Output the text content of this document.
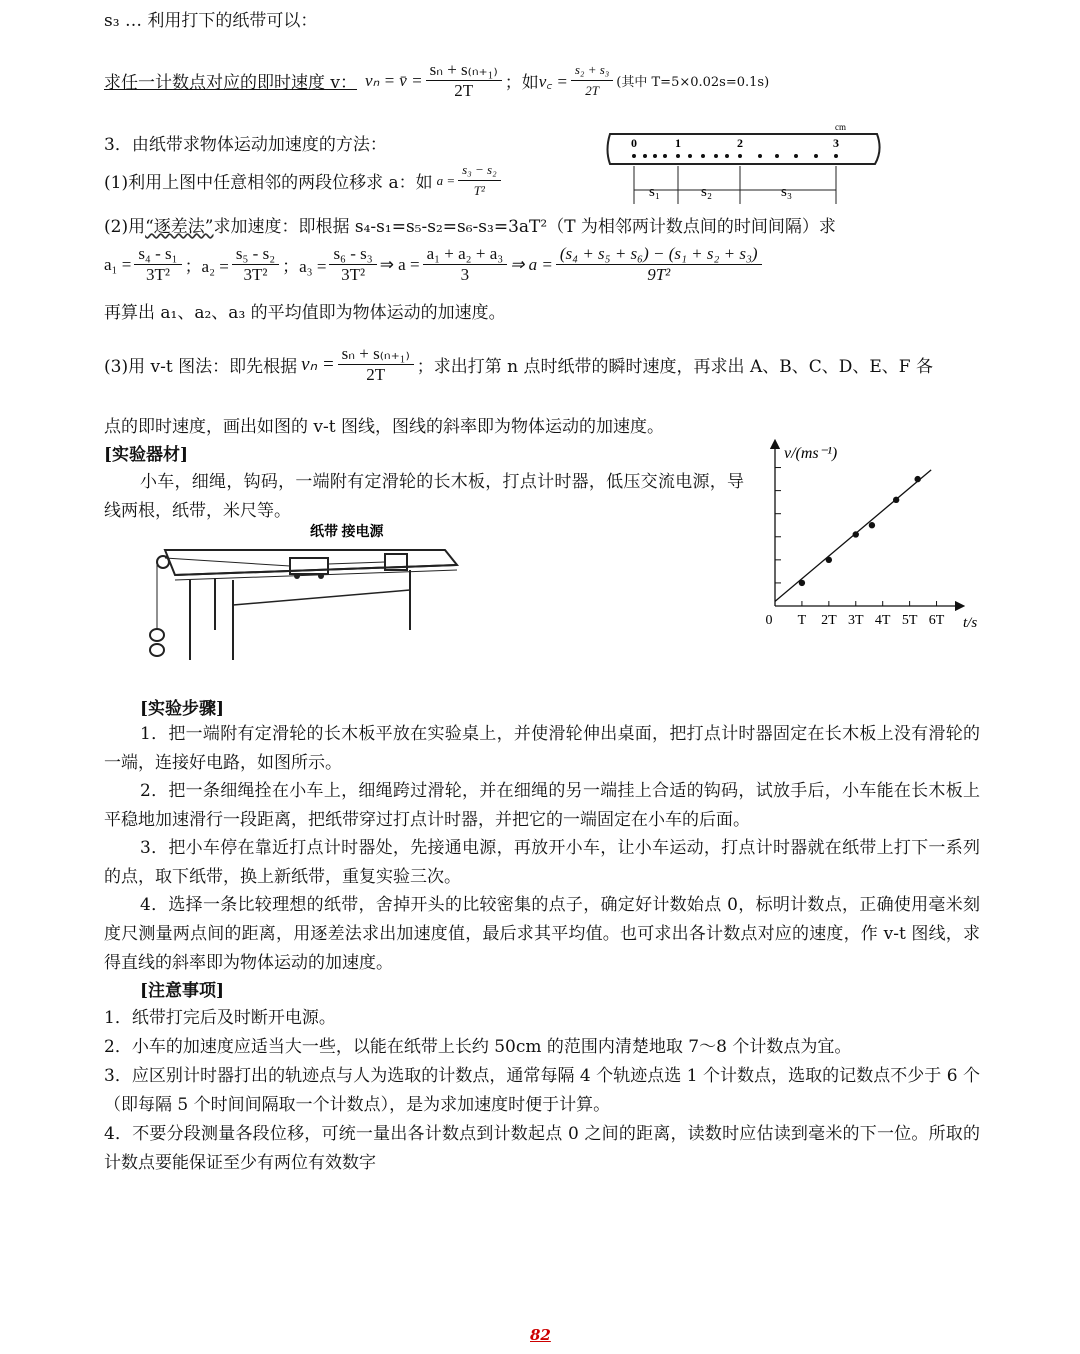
s₃ … 利用打下的纸带可以：
求任一计数点对应的即时速度 v： vₙ = v̄ = $\frac{\text{sₙ + s₍ₙ₊₁₎}}{2T}$ ；如 v꜀ = $\frac{\text{s₂ + s₃}}{2T}$ (其中 T=5×0.02s=0.1s)
3．由纸带求物体运动加速度的方法：
(1)利用上图中任意相邻的两段位移求 a：如 $a = \frac{\text{s₃ − s₂}}{\text{T²}}$
cm
0	1	2	3
s₁	s₂	s₃
(2)用“逐差法”求加速度：即根据 s₄-s₁=s₅-s₂=s₆-s₃=3aT²（T 为相邻两计数点间的时间间隔）求
$a_1 = \frac{\text{s₄ - s₁}}{\text{3T²}}$ ；$a_2 = \frac{\text{s₅ - s₂}}{\text{3T²}}$ ；$a_3 = \frac{\text{s₆ - s₃}}{\text{3T²}}$ ⇒ $a = \frac{\text{a₁ + a₂ + a₃}}{3}$ ⇒ $a = \frac{\text{(s₄ + s₅ + s₆) − (s₁ + s₂ + s₃)}}{\text{9T²}}$
再算出 a₁、a₂、a₃ 的平均值即为物体运动的加速度。
(3)用 v-t 图法：即先根据 $v_n = \frac{\text{sₙ + s₍ₙ₊₁₎}}{2T}$ ；求出打第 n 点时纸带的瞬时速度，再求出 A、B、C、D、E、F 各
点的即时速度，画出如图的 v-t 图线，图线的斜率即为物体运动的加速度。
[实验器材]
小车，细绳，钩码，一端附有定滑轮的长木板，打点计时器，低压交流电源，导线两根，纸带，米尺等。
纸带 接电源
v/(ms⁻¹)
t/s
0 T 2T 3T 4T 5T 6T
[实验步骤]
1．把一端附有定滑轮的长木板平放在实验桌上，并使滑轮伸出桌面，把打点计时器固定在长木板上没有滑轮的一端，连接好电路，如图所示。
2．把一条细绳拴在小车上，细绳跨过滑轮，并在细绳的另一端挂上合适的钩码，试放手后，小车能在长木板上平稳地加速滑行一段距离，把纸带穿过打点计时器，并把它的一端固定在小车的后面。
3．把小车停在靠近打点计时器处，先接通电源，再放开小车，让小车运动，打点计时器就在纸带上打下一系列的点，取下纸带，换上新纸带，重复实验三次。
4．选择一条比较理想的纸带，舍掉开头的比较密集的点子，确定好计数始点 0，标明计数点，正确使用毫米刻度尺测量两点间的距离，用逐差法求出加速度值，最后求其平均值。也可求出各计数点对应的速度，作 v-t 图线，求得直线的斜率即为物体运动的加速度。
[注意事项]
1．纸带打完后及时断开电源。
2．小车的加速度应适当大一些，以能在纸带上长约 50cm 的范围内清楚地取 7～8 个计数点为宜。
3．应区别计时器打出的轨迹点与人为选取的计数点，通常每隔 4 个轨迹点选 1 个计数点，选取的记数点不少于 6 个（即每隔 5 个时间间隔取一个计数点），是为求加速度时便于计算。
4．不要分段测量各段位移，可统一量出各计数点到计数起点 0 之间的距离，读数时应估读到毫米的下一位。所取的计数点要能保证至少有两位有效数字
82
